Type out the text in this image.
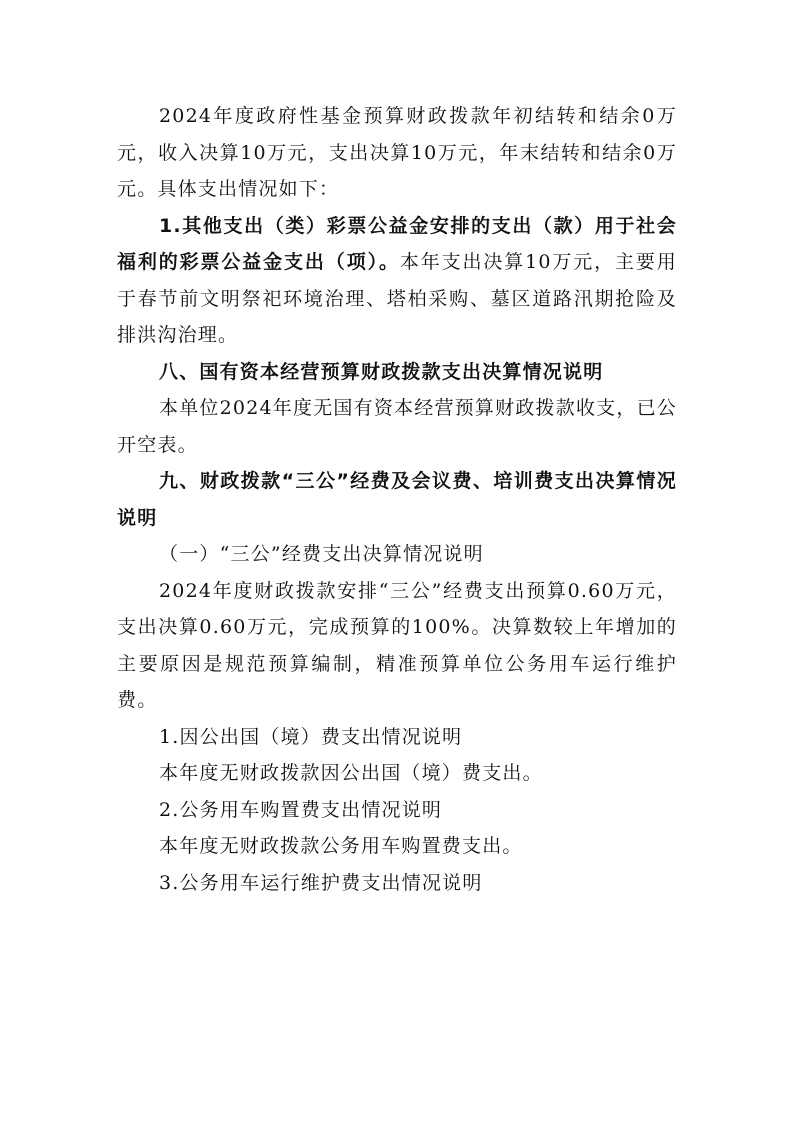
2024年度政府性基金预算财政拨款年初结转和结余0万元，收入决算10万元，支出决算10万元，年末结转和结余0万元。具体支出情况如下：

1.其他支出（类）彩票公益金安排的支出（款）用于社会福利的彩票公益金支出（项）。本年支出决算10万元，主要用于春节前文明祭祀环境治理、塔柏采购、墓区道路汛期抢险及排洪沟治理。

八、国有资本经营预算财政拨款支出决算情况说明

本单位2024年度无国有资本经营预算财政拨款收支，已公开空表。

九、财政拨款“三公”经费及会议费、培训费支出决算情况说明

（一）“三公”经费支出决算情况说明

2024年度财政拨款安排“三公”经费支出预算0.60万元，支出决算0.60万元，完成预算的100%。决算数较上年增加的主要原因是规范预算编制，精准预算单位公务用车运行维护费。

1.因公出国（境）费支出情况说明

本年度无财政拨款因公出国（境）费支出。

2.公务用车购置费支出情况说明

本年度无财政拨款公务用车购置费支出。

3.公务用车运行维护费支出情况说明
